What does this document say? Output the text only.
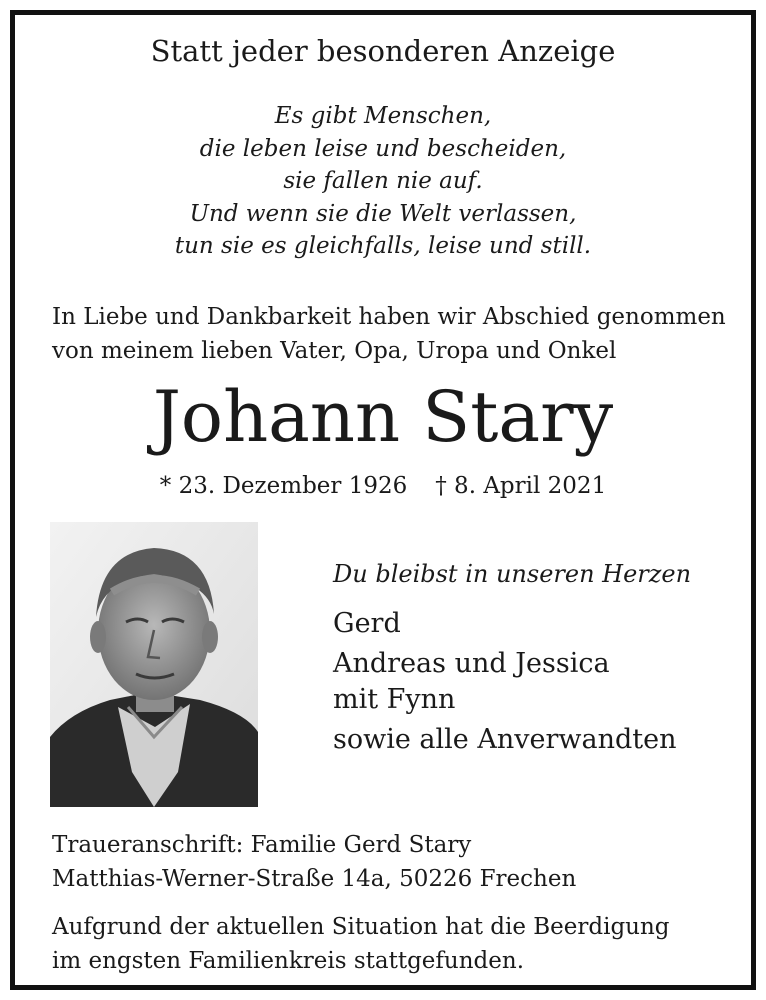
Statt jeder besonderen Anzeige
Es gibt Menschen,
die leben leise und bescheiden,
sie fallen nie auf.
Und wenn sie die Welt verlassen,
tun sie es gleichfalls, leise und still.
In Liebe und Dankbarkeit haben wir Abschied genommen
von meinem lieben Vater, Opa, Uropa und Onkel
Johann Stary
* 23. Dezember 1926 † 8. April 2021
Du bleibst in unseren Herzen
Gerd
Andreas und Jessica
mit Fynn
sowie alle Anverwandten
Traueranschrift: Familie Gerd Stary
Matthias-Werner-Straße 14a, 50226 Frechen
Aufgrund der aktuellen Situation hat die Beerdigung
im engsten Familienkreis stattgefunden.
